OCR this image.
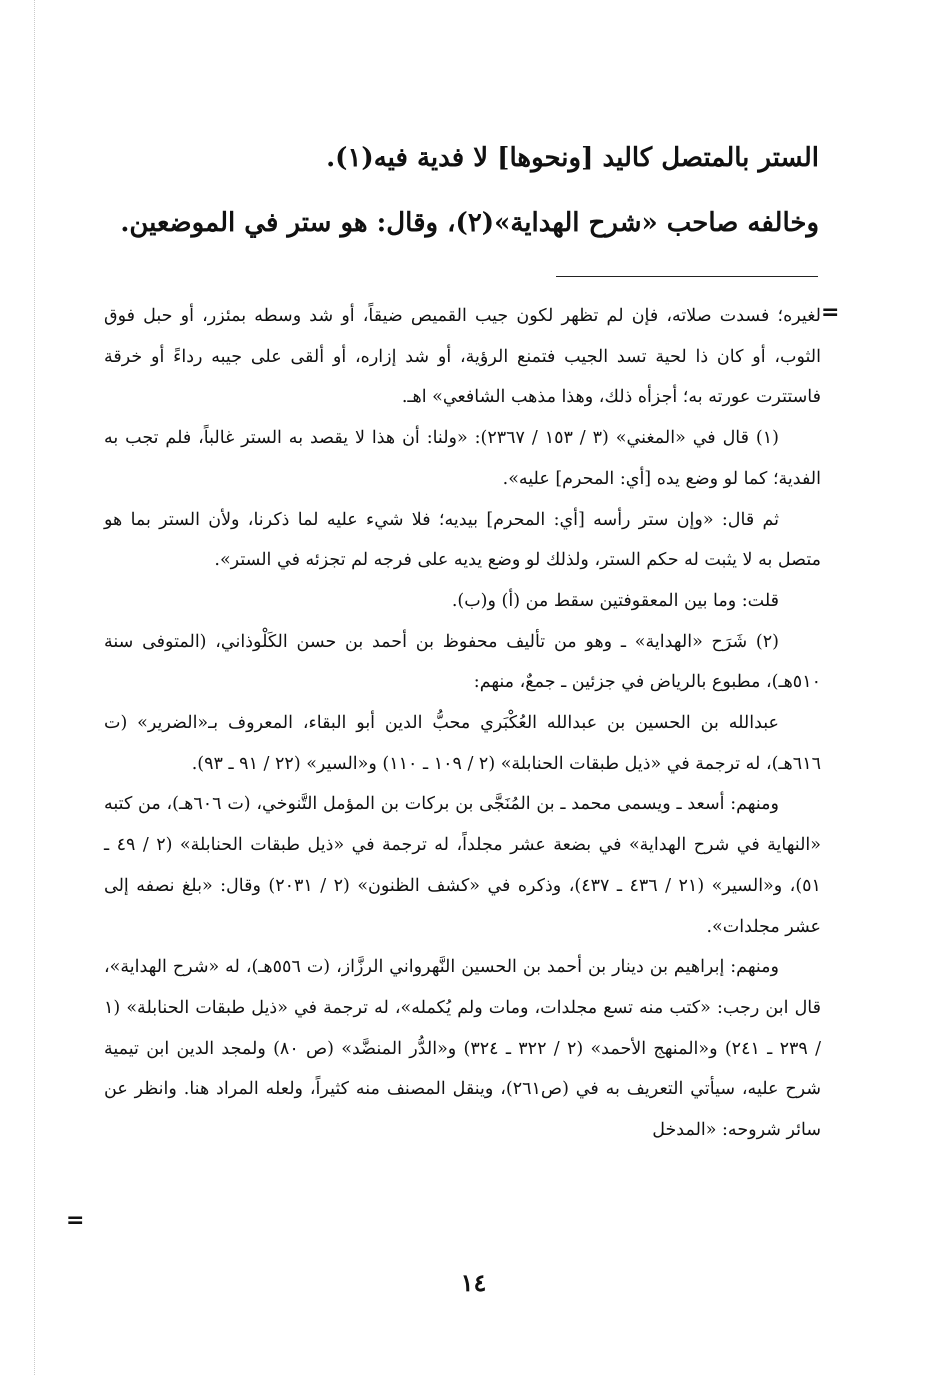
الستر بالمتصل كاليد [ونحوها] لا فدية فيه(١).
وخالفه صاحب «شرح الهداية»(٢)، وقال: هو ستر في الموضعين.
=

لغيره؛ فسدت صلاته، فإن لم تظهر لكون جيب القميص ضيقاً، أو شد وسطه بمئزر، أو حبل فوق الثوب، أو كان ذا لحية تسد الجيب فتمنع الرؤية، أو شد إزاره، أو ألقى على جيبه رداءً أو خرقة فاستترت عورته به؛ أجزأه ذلك، وهذا مذهب الشافعي» اهـ.

(١) قال في «المغني» (٣ / ١٥٣ / ٢٣٦٧): «ولنا: أن هذا لا يقصد به الستر غالباً، فلم تجب به الفدية؛ كما لو وضع يده [أي: المحرم] عليه».

ثم قال: «وإن ستر رأسه [أي: المحرم] بيديه؛ فلا شيء عليه لما ذكرنا، ولأن الستر بما هو متصل به لا يثبت له حكم الستر، ولذلك لو وضع يديه على فرجه لم تجزئه في الستر».

قلت: وما بين المعقوفتين سقط من (أ) و(ب).

(٢) شَرَح «الهداية» ـ وهو من تأليف محفوظ بن أحمد بن حسن الكَلْوذاني، (المتوفى سنة ٥١٠هـ)، مطبوع بالرياض في جزئين ـ جمعٌ، منهم:

عبدالله بن الحسين بن عبدالله العُكْبَري محبُّ الدين أبو البقاء، المعروف بـ«الضرير» (ت ٦١٦هـ)، له ترجمة في «ذيل طبقات الحنابلة» (٢ / ١٠٩ ـ ١١٠) و«السير» (٢٢ / ٩١ ـ ٩٣).

ومنهم: أسعد ـ ويسمى محمد ـ بن المُنَجَّى بن بركات بن المؤمل التَّنوخي، (ت ٦٠٦هـ)، من كتبه «النهاية في شرح الهداية» في بضعة عشر مجلداً، له ترجمة في «ذيل طبقات الحنابلة» (٢ / ٤٩ ـ ٥١)، و«السير» (٢١ / ٤٣٦ ـ ٤٣٧)، وذكره في «كشف الظنون» (٢ / ٢٠٣١) وقال: «بلغ نصفه إلى عشر مجلدات».

ومنهم: إبراهيم بن دينار بن أحمد بن الحسين النَّهرواني الرزَّاز، (ت ٥٥٦هـ)، له «شرح الهداية»، قال ابن رجب: «كتب منه تسع مجلدات، ومات ولم يُكمله»، له ترجمة في «ذيل طبقات الحنابلة» (١ / ٢٣٩ ـ ٢٤١) و«المنهج الأحمد» (٢ / ٣٢٢ ـ ٣٢٤) و«الدُّر المنضَّد» (ص ٨٠) ولمجد الدين ابن تيمية شرح عليه، سيأتي التعريف به في (ص٢٦١)، وينقل المصنف منه كثيراً، ولعله المراد هنا. وانظر عن سائر شروحه: «المدخل

=
١٤
